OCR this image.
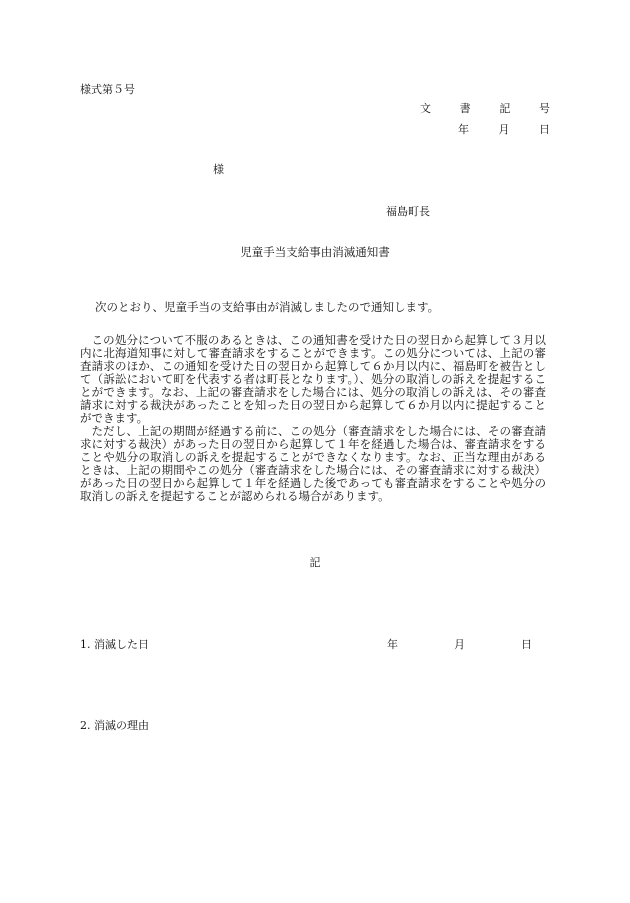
様式第５号
文	書	記	号
年	月	日
様
福島町長
児童手当支給事由消滅通知書
次のとおり、児童手当の支給事由が消滅しましたので通知します。

この処分について不服のあるときは、この通知書を受けた日の翌日から起算して３月以内に北海道知事に対して審査請求をすることができます。この処分については、上記の審査請求のほか、この通知を受けた日の翌日から起算して６か月以内に、福島町を被告として（訴訟において町を代表する者は町長となります。）、処分の取消しの訴えを提起することができます。なお、上記の審査請求をした場合には、処分の取消しの訴えは、その審査請求に対する裁決があったことを知った日の翌日から起算して６か月以内に提起することができます。

ただし、上記の期間が経過する前に、この処分（審査請求をした場合には、その審査請求に対する裁決）があった日の翌日から起算して１年を経過した場合は、審査請求をすることや処分の取消しの訴えを提起することができなくなります。なお、正当な理由があるときは、上記の期間やこの処分（審査請求をした場合には、その審査請求に対する裁決）があった日の翌日から起算して１年を経過した後であっても審査請求をすることや処分の取消しの訴えを提起することが認められる場合があります。

記
1. 消滅した日	年	月	日
2. 消滅の理由
